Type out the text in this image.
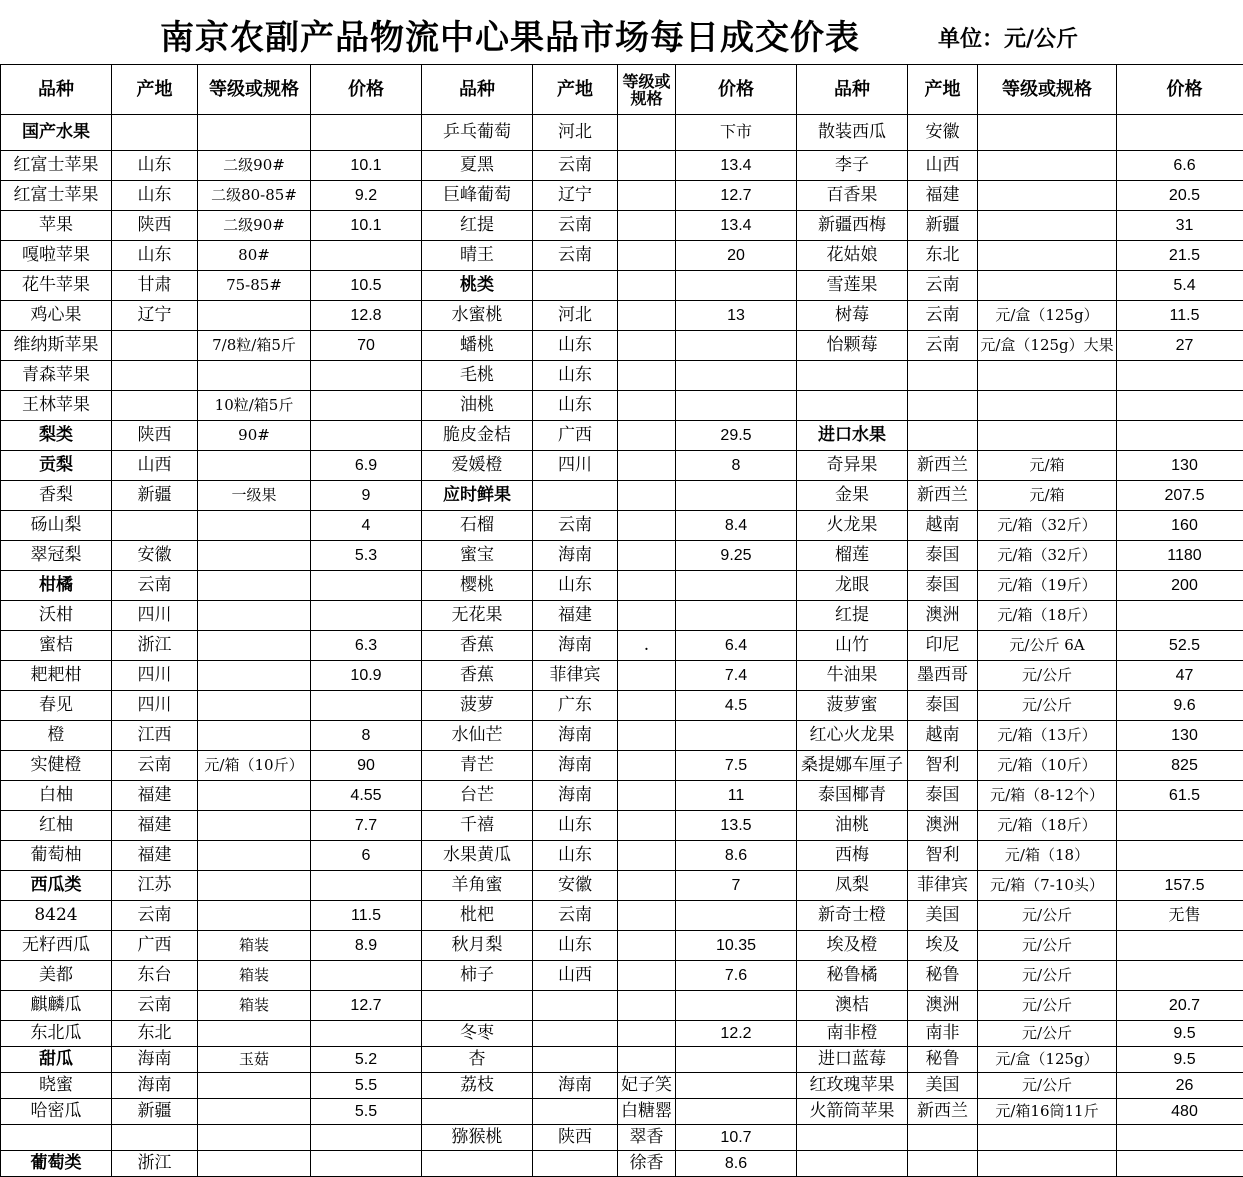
南京农副产品物流中心果品市场每日成交价表	单位：元/公斤
品种	产地	等级或规格	价格	品种	产地	等级或规格	价格	品种	产地	等级或规格	价格
国产水果				乒乓葡萄	河北		下市	散装西瓜	安徽		
红富士苹果	山东	二级90#	10.1	夏黑	云南		13.4	李子	山西		6.6
红富士苹果	山东	二级80-85#	9.2	巨峰葡萄	辽宁		12.7	百香果	福建		20.5
苹果	陕西	二级90#	10.1	红提	云南		13.4	新疆西梅	新疆		31
嘎啦苹果	山东	80#		晴王	云南		20	花姑娘	东北		21.5
花牛苹果	甘肃	75-85#	10.5	桃类				雪莲果	云南		5.4
鸡心果	辽宁		12.8	水蜜桃	河北		13	树莓	云南	元/盒（125g）	11.5
维纳斯苹果		7/8粒/箱5斤	70	蟠桃	山东			怡颗莓	云南	元/盒（125g）大果	27
青森苹果				毛桃	山东						
王林苹果		10粒/箱5斤		油桃	山东						
梨类	陕西	90#		脆皮金桔	广西		29.5	进口水果			
贡梨	山西		6.9	爱媛橙	四川		8	奇异果	新西兰	元/箱	130
香梨	新疆	一级果	9	应时鲜果				金果	新西兰	元/箱	207.5
砀山梨			4	石榴	云南		8.4	火龙果	越南	元/箱（32斤）	160
翠冠梨	安徽		5.3	蜜宝	海南		9.25	榴莲	泰国	元/箱（32斤）	1180
柑橘	云南			樱桃	山东			龙眼	泰国	元/箱（19斤）	200
沃柑	四川			无花果	福建			红提	澳洲	元/箱（18斤）	
蜜桔	浙江		6.3	香蕉	海南	.	6.4	山竹	印尼	元/公斤 6A	52.5
耙耙柑	四川		10.9	香蕉	菲律宾		7.4	牛油果	墨西哥	元/公斤	47
春见	四川			菠萝	广东		4.5	菠萝蜜	泰国	元/公斤	9.6
橙	江西		8	水仙芒	海南			红心火龙果	越南	元/箱（13斤）	130
实健橙	云南	元/箱（10斤）	90	青芒	海南		7.5	桑提娜车厘子	智利	元/箱（10斤）	825
白柚	福建		4.55	台芒	海南		11	泰国椰青	泰国	元/箱（8-12个）	61.5
红柚	福建		7.7	千禧	山东		13.5	油桃	澳洲	元/箱（18斤）	
葡萄柚	福建		6	水果黄瓜	山东		8.6	西梅	智利	元/箱（18）	
西瓜类	江苏			羊角蜜	安徽		7	凤梨	菲律宾	元/箱（7-10头）	157.5
8424	云南		11.5	枇杷	云南			新奇士橙	美国	元/公斤	无售
无籽西瓜	广西	箱装	8.9	秋月梨	山东		10.35	埃及橙	埃及	元/公斤	
美都	东台	箱装		柿子	山西		7.6	秘鲁橘	秘鲁	元/公斤	
麒麟瓜	云南	箱装	12.7					澳桔	澳洲	元/公斤	20.7
东北瓜	东北			冬枣			12.2	南非橙	南非	元/公斤	9.5
甜瓜	海南	玉菇	5.2	杏				进口蓝莓	秘鲁	元/盒（125g）	9.5
晓蜜	海南		5.5	荔枝	海南	妃子笑		红玫瑰苹果	美国	元/公斤	26
哈密瓜	新疆		5.5			白糖罂		火箭筒苹果	新西兰	元/箱16筒11斤	480
				猕猴桃	陕西	翠香	10.7				
葡萄类	浙江					徐香	8.6				
